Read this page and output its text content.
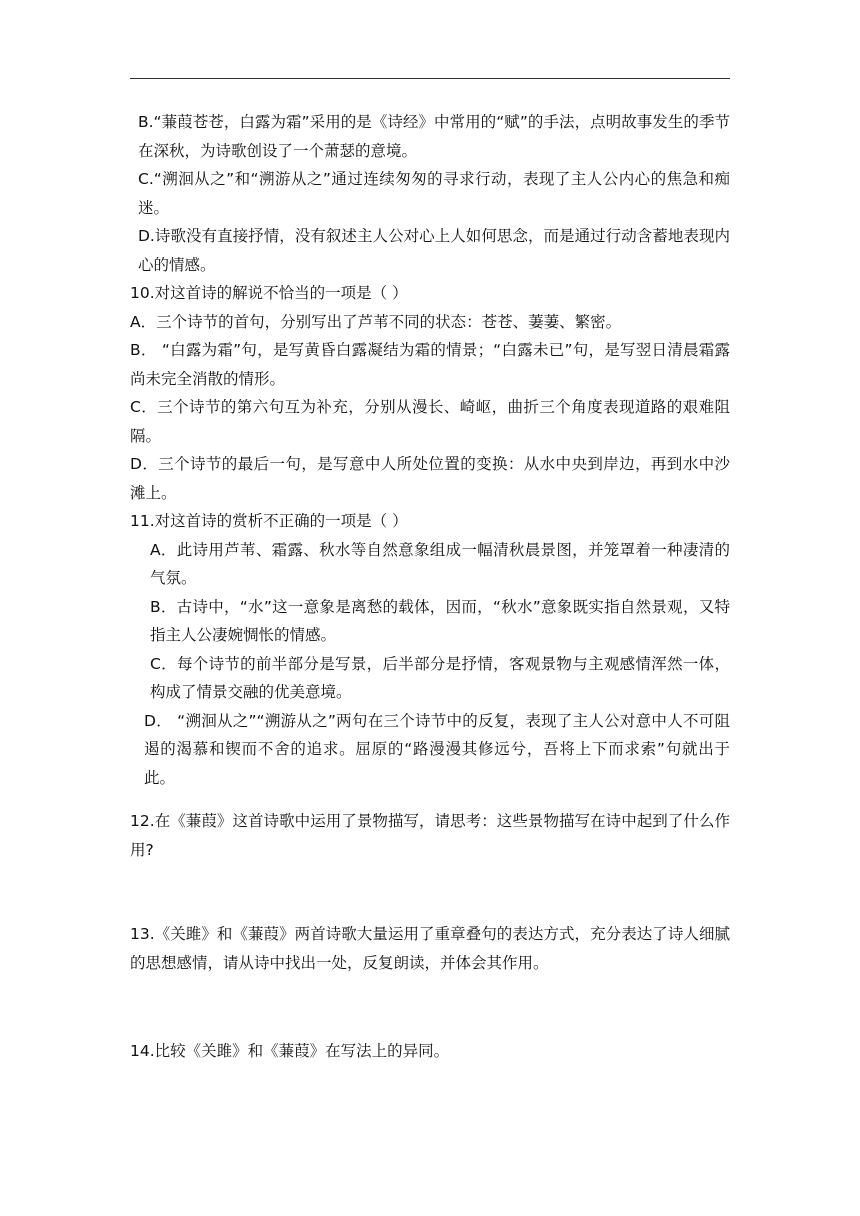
B.“蒹葭苍苍，白露为霜”采用的是《诗经》中常用的“赋”的手法，点明故事发生的季节在深秋，为诗歌创设了一个萧瑟的意境。

C.“溯洄从之”和“溯游从之”通过连续匆匆的寻求行动，表现了主人公内心的焦急和痴迷。

D.诗歌没有直接抒情，没有叙述主人公对心上人如何思念，而是通过行动含蓄地表现内心的情感。

10.对这首诗的解说不恰当的一项是（ ）

A．三个诗节的首句，分别写出了芦苇不同的状态：苍苍、萋萋、繁密。

B． “白露为霜”句，是写黄昏白露凝结为霜的情景；“白露未已”句，是写翌日清晨霜露尚未完全消散的情形。

C．三个诗节的第六句互为补充，分别从漫长、崎岖，曲折三个角度表现道路的艰难阻隔。

D．三个诗节的最后一句，是写意中人所处位置的变换：从水中央到岸边，再到水中沙滩上。

11.对这首诗的赏析不正确的一项是（ ）

A．此诗用芦苇、霜露、秋水等自然意象组成一幅清秋晨景图，并笼罩着一种凄清的气氛。

B．古诗中，“水”这一意象是离愁的载体，因而，“秋水”意象既实指自然景观，又特指主人公凄婉惆怅的情感。

C．每个诗节的前半部分是写景，后半部分是抒情，客观景物与主观感情浑然一体，构成了情景交融的优美意境。

D． “溯洄从之”“溯游从之”两句在三个诗节中的反复，表现了主人公对意中人不可阻遏的渴慕和锲而不舍的追求。屈原的“路漫漫其修远兮，吾将上下而求索”句就出于此。

12.在《蒹葭》这首诗歌中运用了景物描写，请思考：这些景物描写在诗中起到了什么作用?

13.《关雎》和《蒹葭》两首诗歌大量运用了重章叠句的表达方式，充分表达了诗人细腻的思想感情，请从诗中找出一处，反复朗读，并体会其作用。

14.比较《关雎》和《蒹葭》在写法上的异同。
